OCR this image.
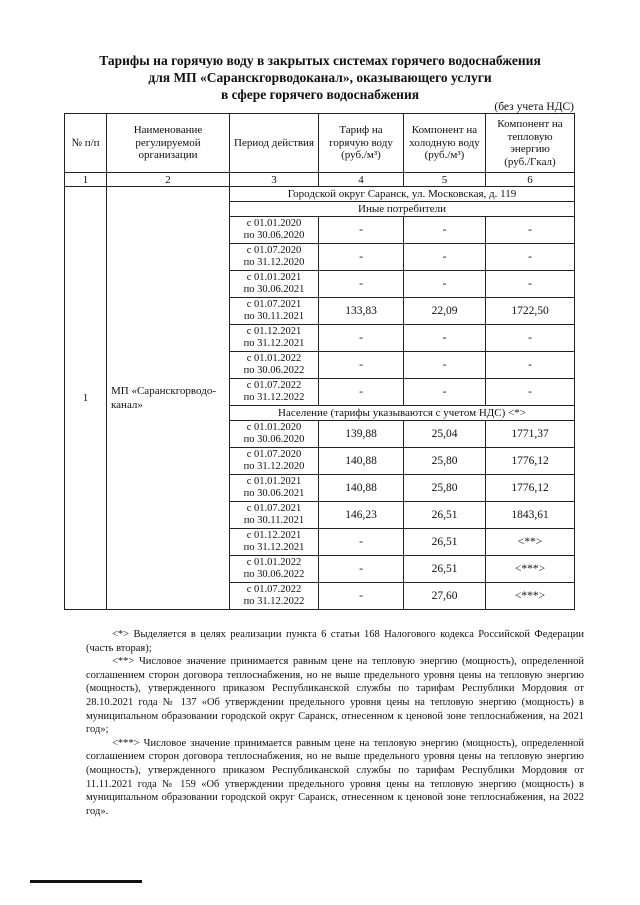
Тарифы на горячую воду в закрытых системах горячего водоснабжения
для МП «Саранскгорводоканал», оказывающего услуги
в сфере горячего водоснабжения
(без учета НДС)
№ п/п	Наименование регулируемой организации	Период действия	Тариф на горячую воду
(руб./м³)	Компонент на холодную воду
(руб./м³)	Компонент на тепловую энергию
(руб./Гкал)
1	2	3	4	5	6
1	МП «Саранскгорводо-канал»	Городской округ Саранск, ул. Московская, д. 119			
		Иные потребители			

		с 01.01.2020
по 30.06.2020	-	-	-

		с 01.07.2020
по 31.12.2020	-	-	-

		с 01.01.2021
по 30.06.2021	-	-	-

		с 01.07.2021
по 30.11.2021	133,83	22,09	1722,50

		с 01.12.2021
по 31.12.2021	-	-	-

		с 01.01.2022
по 30.06.2022	-	-	-

		с 01.07.2022
по 31.12.2022	-	-	-
		Население (тарифы указываются с учетом НДС) <*>			

		с 01.01.2020
по 30.06.2020	139,88	25,04	1771,37

		с 01.07.2020
по 31.12.2020	140,88	25,80	1776,12

		с 01.01.2021
по 30.06.2021	140,88	25,80	1776,12

		с 01.07.2021
по 30.11.2021	146,23	26,51	1843,61

		с 01.12.2021
по 31.12.2021	-	26,51	<**>

		с 01.01.2022
по 30.06.2022	-	26,51	<***>

		с 01.07.2022
по 31.12.2022	-	27,60	<***>

<*> Выделяется в целях реализации пункта 6 статьи 168 Налогового кодекса Российской Федерации (часть вторая);

<**> Числовое значение принимается равным цене на тепловую энергию (мощность), определенной соглашением сторон договора теплоснабжения, но не выше предельного уровня цены на тепловую энергию (мощность), утвержденного приказом Республиканской службы по тарифам Республики Мордовия от 28.10.2021 года № 137 «Об утверждении предельного уровня цены на тепловую энергию (мощность) в муниципальном образовании городской округ Саранск, отнесенном к ценовой зоне теплоснабжения, на 2021 год»;

<***> Числовое значение принимается равным цене на тепловую энергию (мощность), определенной соглашением сторон договора теплоснабжения, но не выше предельного уровня цены на тепловую энергию (мощность), утвержденного приказом Республиканской службы по тарифам Республики Мордовия от 11.11.2021 года № 159 «Об утверждении предельного уровня цены на тепловую энергию (мощность) в муниципальном образовании городской округ Саранск, отнесенном к ценовой зоне теплоснабжения, на 2022 год».
